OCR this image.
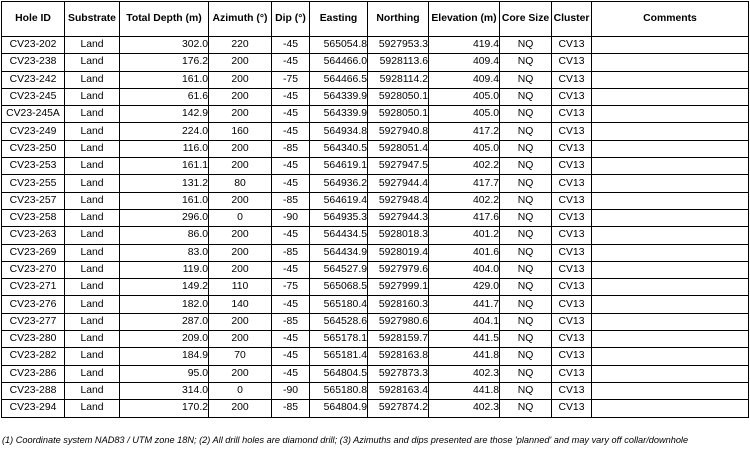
Hole ID	Substrate	Total Depth (m)	Azimuth (°)	Dip (°)	Easting	Northing	Elevation (m)	Core Size	Cluster	Comments
CV23-202	Land	302.0	220	-45	565054.8	5927953.3	419.4	NQ	CV13	
CV23-238	Land	176.2	200	-45	564466.0	5928113.6	409.4	NQ	CV13	
CV23-242	Land	161.0	200	-75	564466.5	5928114.2	409.4	NQ	CV13	
CV23-245	Land	61.6	200	-45	564339.9	5928050.1	405.0	NQ	CV13	
CV23-245A	Land	142.9	200	-45	564339.9	5928050.1	405.0	NQ	CV13	
CV23-249	Land	224.0	160	-45	564934.8	5927940.8	417.2	NQ	CV13	
CV23-250	Land	116.0	200	-85	564340.5	5928051.4	405.0	NQ	CV13	
CV23-253	Land	161.1	200	-45	564619.1	5927947.5	402.2	NQ	CV13	
CV23-255	Land	131.2	80	-45	564936.2	5927944.4	417.7	NQ	CV13	
CV23-257	Land	161.0	200	-85	564619.4	5927948.4	402.2	NQ	CV13	
CV23-258	Land	296.0	0	-90	564935.3	5927944.3	417.6	NQ	CV13	
CV23-263	Land	86.0	200	-45	564434.5	5928018.3	401.2	NQ	CV13	
CV23-269	Land	83.0	200	-85	564434.9	5928019.4	401.6	NQ	CV13	
CV23-270	Land	119.0	200	-45	564527.9	5927979.6	404.0	NQ	CV13	
CV23-271	Land	149.2	110	-75	565068.5	5927999.1	429.0	NQ	CV13	
CV23-276	Land	182.0	140	-45	565180.4	5928160.3	441.7	NQ	CV13	
CV23-277	Land	287.0	200	-85	564528.6	5927980.6	404.1	NQ	CV13	
CV23-280	Land	209.0	200	-45	565178.1	5928159.7	441.5	NQ	CV13	
CV23-282	Land	184.9	70	-45	565181.4	5928163.8	441.8	NQ	CV13	
CV23-286	Land	95.0	200	-45	564804.5	5927873.3	402.3	NQ	CV13	
CV23-288	Land	314.0	0	-90	565180.8	5928163.4	441.8	NQ	CV13	
CV23-294	Land	170.2	200	-85	564804.9	5927874.2	402.3	NQ	CV13	
(1) Coordinate system NAD83 / UTM zone 18N; (2) All drill holes are diamond drill; (3) Azimuths and dips presented are those 'planned' and may vary off collar/downhole
